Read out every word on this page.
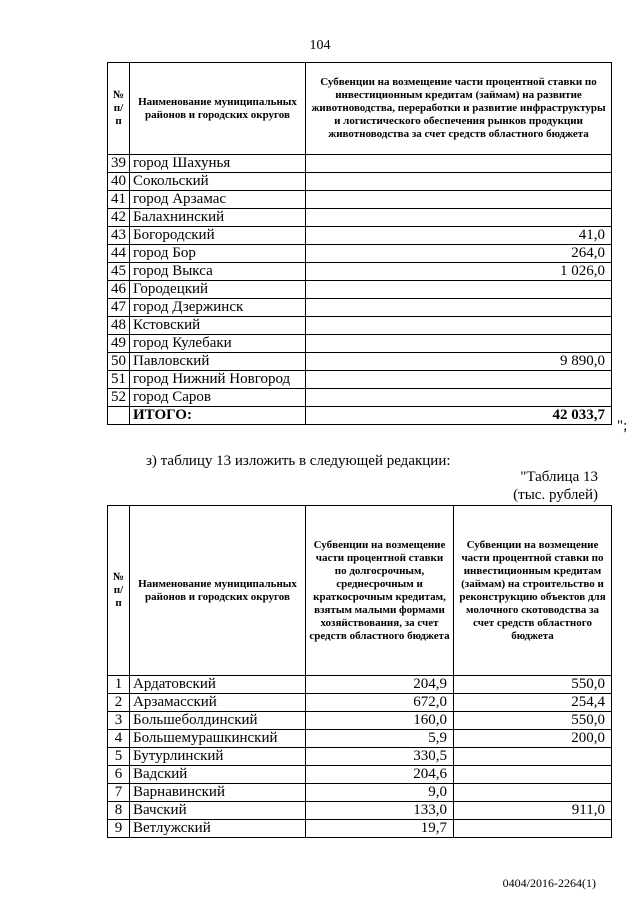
104
№ п/п	Наименование муниципальных районов и городских округов	Субвенции на возмещение части процентной ставки по инвестиционным кредитам (займам) на развитие животноводства, переработки и развитие инфраструктуры и логистического обеспечения рынков продукции животноводства за счет средств областного бюджета
39	город Шахунья	
40	Сокольский	
41	город Арзамас	
42	Балахнинский	
43	Богородский	41,0
44	город Бор	264,0
45	город Выкса	1 026,0
46	Городецкий	
47	город Дзержинск	
48	Кстовский	
49	город Кулебаки	
50	Павловский	9 890,0
51	город Нижний Новгород	
52	город Саров	
	ИТОГО:	42 033,7
";
з) таблицу 13 изложить в следующей редакции:
"Таблица 13
(тыс. рублей)
№ п/п	Наименование муниципальных районов и городских округов	Субвенции на возмещение части процентной ставки по долгосрочным, среднесрочным и краткосрочным кредитам, взятым малыми формами хозяйствования, за счет средств областного бюджета	Субвенции на возмещение части процентной ставки по инвестиционным кредитам (займам) на строительство и реконструкцию объектов для молочного скотоводства за счет средств областного бюджета
1	Ардатовский	204,9	550,0
2	Арзамасский	672,0	254,4
3	Большеболдинский	160,0	550,0
4	Большемурашкинский	5,9	200,0
5	Бутурлинский	330,5	
6	Вадский	204,6	
7	Варнавинский	9,0	
8	Вачский	133,0	911,0
9	Ветлужский	19,7	
0404/2016-2264(1)
